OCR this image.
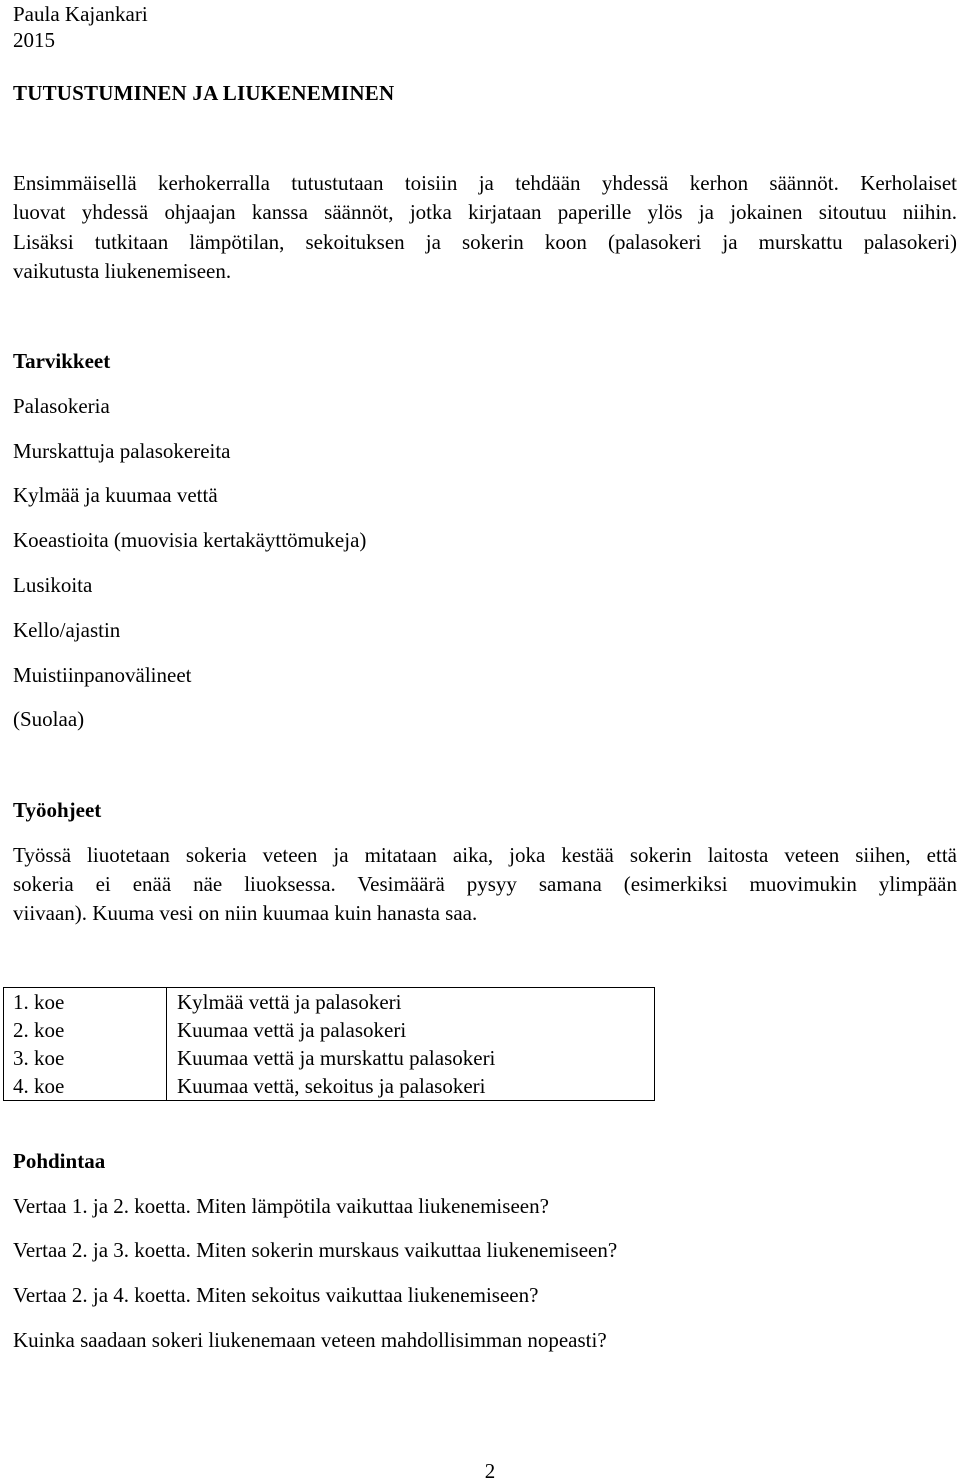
Paula Kajankari
2015
TUTUSTUMINEN JA LIUKENEMINEN
Ensimmäisellä kerhokerralla tutustutaan toisiin ja tehdään yhdessä kerhon säännöt. Kerholaiset
luovat yhdessä ohjaajan kanssa säännöt, jotka kirjataan paperille ylös ja jokainen sitoutuu niihin.
Lisäksi tutkitaan lämpötilan, sekoituksen ja sokerin koon (palasokeri ja murskattu palasokeri)
vaikutusta liukenemiseen.
Tarvikkeet
Palasokeria
Murskattuja palasokereita
Kylmää ja kuumaa vettä
Koeastioita (muovisia kertakäyttömukeja)
Lusikoita
Kello/ajastin
Muistiinpanovälineet
(Suolaa)
Työohjeet
Työssä liuotetaan sokeria veteen ja mitataan aika, joka kestää sokerin laitosta veteen siihen, että
sokeria ei enää näe liuoksessa. Vesimäärä pysyy samana (esimerkiksi muovimukin ylimpään
viivaan). Kuuma vesi on niin kuumaa kuin hanasta saa.
1. koe	Kylmää vettä ja palasokeri
2. koe	Kuumaa vettä ja palasokeri
3. koe	Kuumaa vettä ja murskattu palasokeri
4. koe	Kuumaa vettä, sekoitus ja palasokeri
Pohdintaa
Vertaa 1. ja 2. koetta. Miten lämpötila vaikuttaa liukenemiseen?
Vertaa 2. ja 3. koetta. Miten sokerin murskaus vaikuttaa liukenemiseen?
Vertaa 2. ja 4. koetta. Miten sekoitus vaikuttaa liukenemiseen?
Kuinka saadaan sokeri liukenemaan veteen mahdollisimman nopeasti?
2
